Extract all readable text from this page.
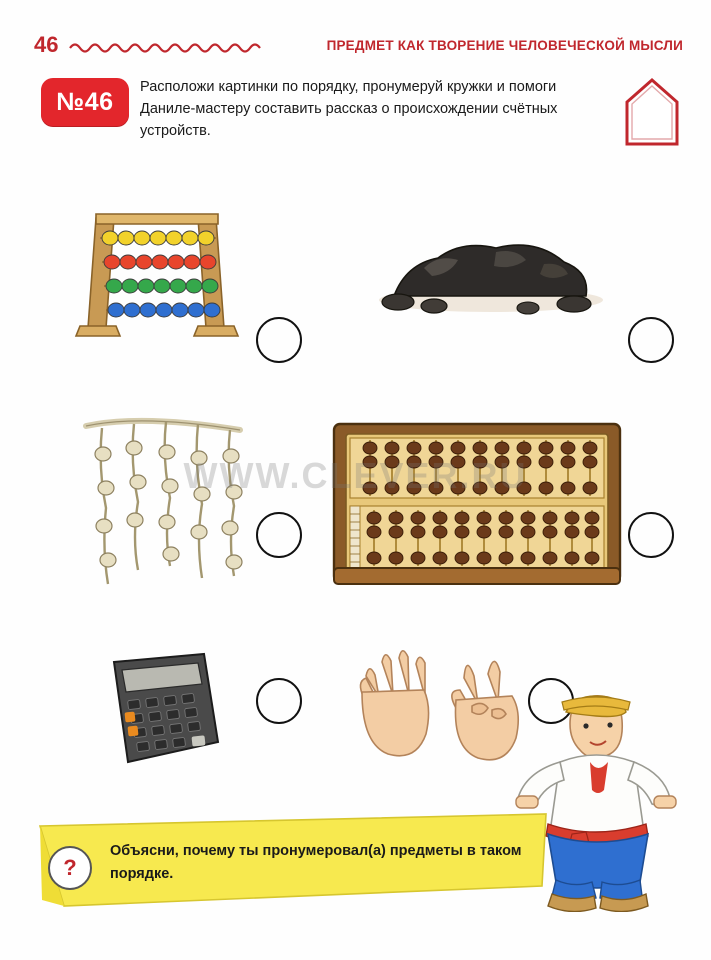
46	ПРЕДМЕТ КАК ТВОРЕНИЕ ЧЕЛОВЕЧЕСКОЙ МЫСЛИ
№46
Расположи картинки по порядку, пронумеруй кружки и помоги Даниле-мастеру составить рассказ о происхождении счётных устройств.
WWW.CLEVER.RU
?
Объясни, почему ты пронумеровал(а) предметы в таком порядке.
